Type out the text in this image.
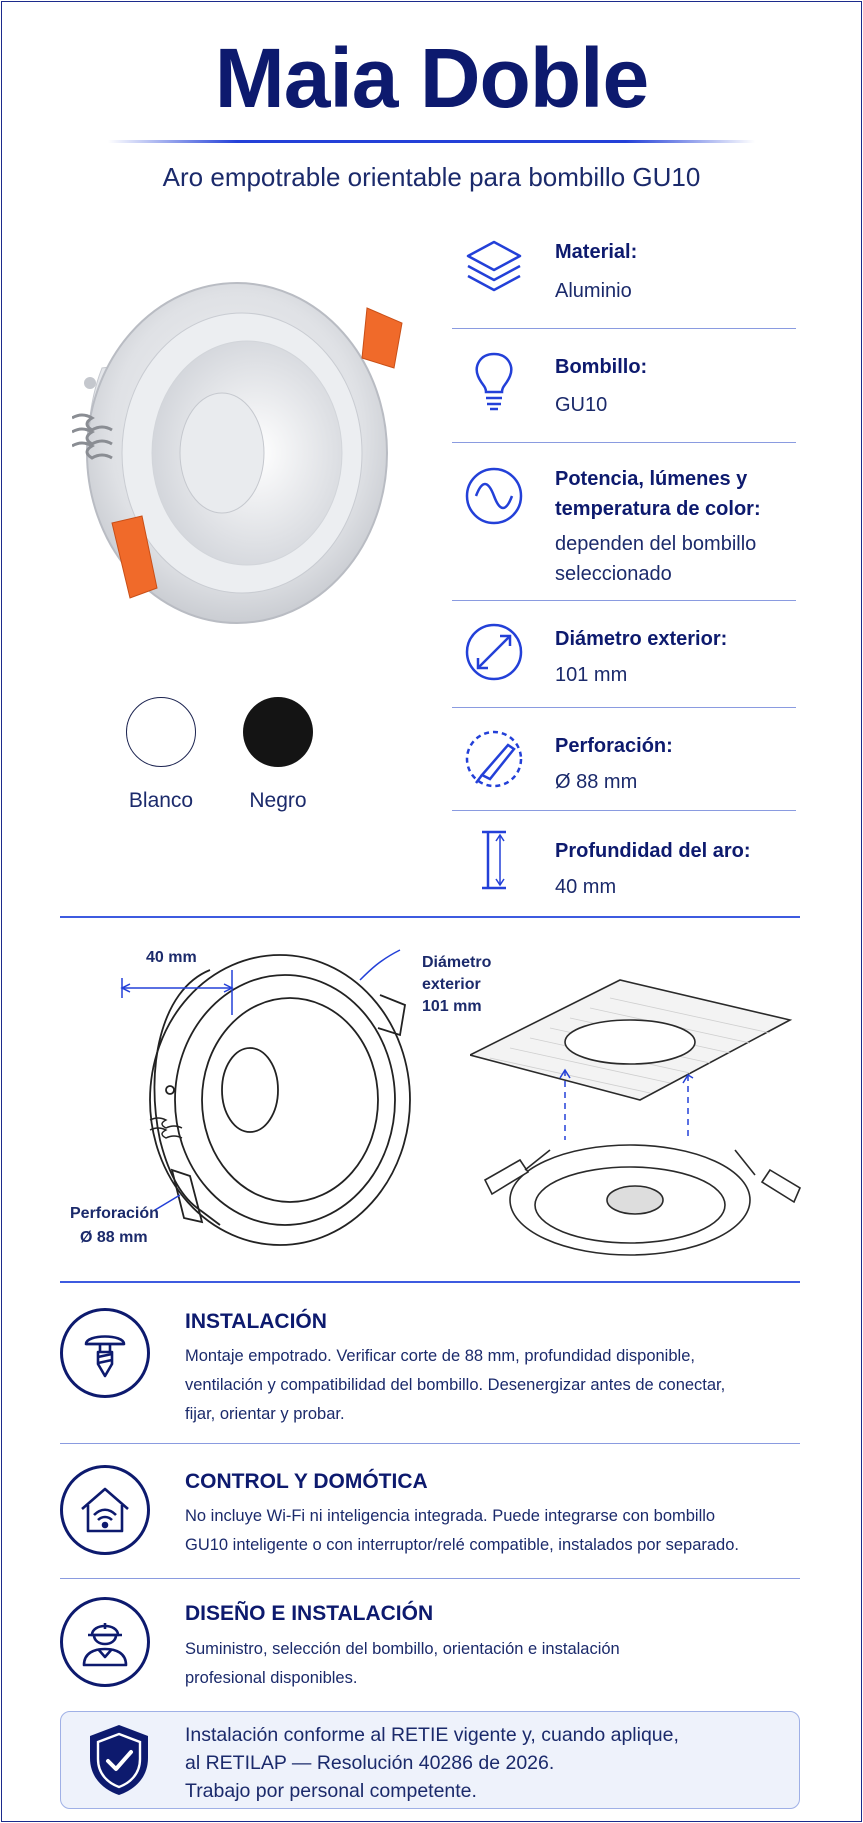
Maia Doble
Aro empotrable orientable para bombillo GU10
Blanco	Negro
Material:
Aluminio
Bombillo:
GU10
Potencia, lúmenes y
temperatura de color:
dependen del bombillo
seleccionado
Diámetro exterior:
101 mm
Perforación:
Ø 88 mm
Profundidad del aro:
40 mm
40 mm	Diámetro
exterior
101 mm
Perforación
Ø 88 mm
INSTALACIÓN
Montaje empotrado. Verificar corte de 88 mm, profundidad disponible,
ventilación y compatibilidad del bombillo. Desenergizar antes de conectar,
fijar, orientar y probar.
CONTROL Y DOMÓTICA
No incluye Wi-Fi ni inteligencia integrada. Puede integrarse con bombillo
GU10 inteligente o con interruptor/relé compatible, instalados por separado.
DISEÑO E INSTALACIÓN
Suministro, selección del bombillo, orientación e instalación
profesional disponibles.
Instalación conforme al RETIE vigente y, cuando aplique,
al RETILAP — Resolución 40286 de 2026.
Trabajo por personal competente.
